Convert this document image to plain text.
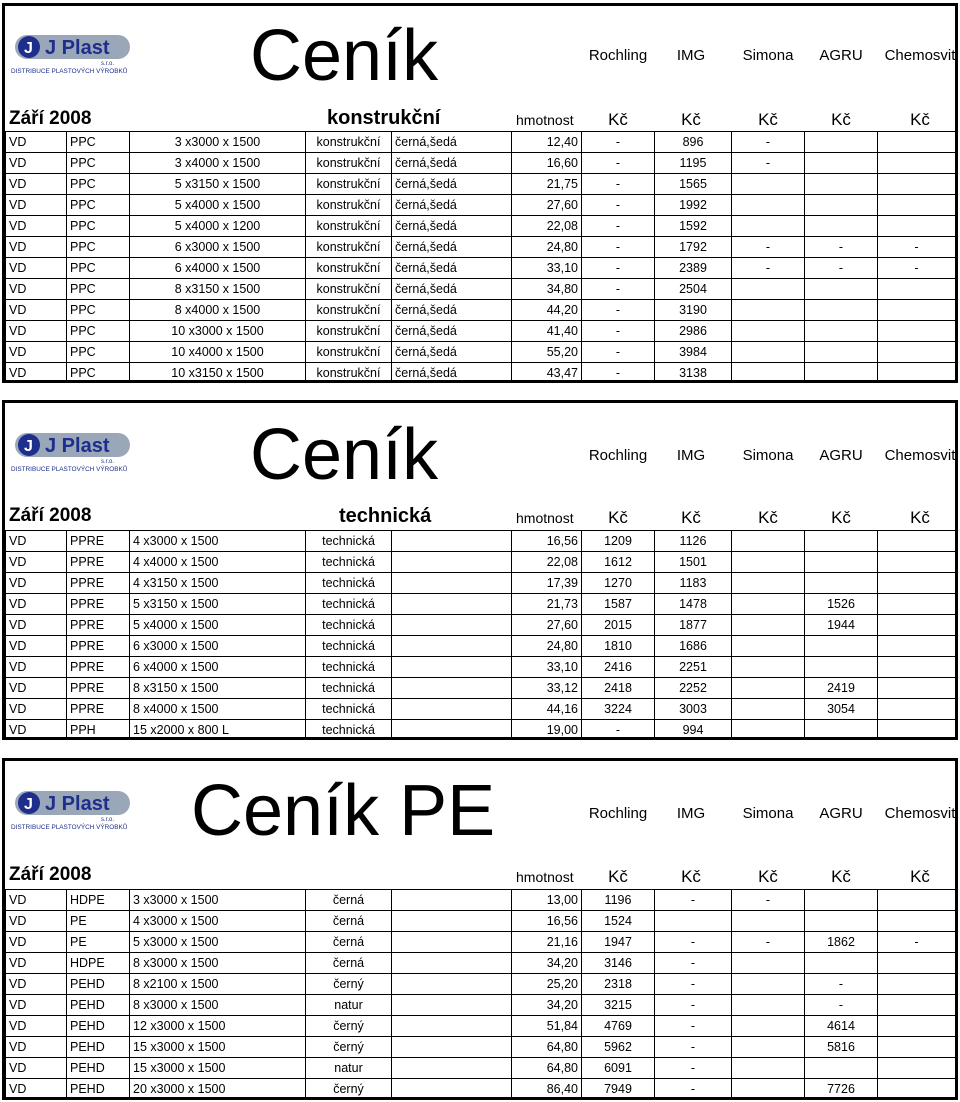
J J Plast
s.r.o.
DISTRIBUCE PLASTOVÝCH VÝROBKŮ Ceník	Rochling	IMG	Simona	AGRU	Chemosvit
Září 2008	konstrukční	hmotnost	Kč	Kč	Kč	Kč	Kč
VD	PPC	3 x3000 x 1500	konstrukční	černá,šedá	12,40	-	896	-		
VD	PPC	3 x4000 x 1500	konstrukční	černá,šedá	16,60	-	1195	-		
VD	PPC	5 x3150 x 1500	konstrukční	černá,šedá	21,75	-	1565			
VD	PPC	5 x4000 x 1500	konstrukční	černá,šedá	27,60	-	1992			
VD	PPC	5 x4000 x 1200	konstrukční	černá,šedá	22,08	-	1592			
VD	PPC	6 x3000 x 1500	konstrukční	černá,šedá	24,80	-	1792	-	-	-
VD	PPC	6 x4000 x 1500	konstrukční	černá,šedá	33,10	-	2389	-	-	-
VD	PPC	8 x3150 x 1500	konstrukční	černá,šedá	34,80	-	2504			
VD	PPC	8 x4000 x 1500	konstrukční	černá,šedá	44,20	-	3190			
VD	PPC	10 x3000 x 1500	konstrukční	černá,šedá	41,40	-	2986			
VD	PPC	10 x4000 x 1500	konstrukční	černá,šedá	55,20	-	3984			
VD	PPC	10 x3150 x 1500	konstrukční	černá,šedá	43,47	-	3138			
J J Plast
s.r.o.
DISTRIBUCE PLASTOVÝCH VÝROBKŮ Ceník	Rochling	IMG	Simona	AGRU	Chemosvit
Září 2008	technická	hmotnost	Kč	Kč	Kč	Kč	Kč
VD	PPRE	4 x3000 x 1500	technická		16,56	1209	1126			
VD	PPRE	4 x4000 x 1500	technická		22,08	1612	1501			
VD	PPRE	4 x3150 x 1500	technická		17,39	1270	1183			
VD	PPRE	5 x3150 x 1500	technická		21,73	1587	1478		1526	
VD	PPRE	5 x4000 x 1500	technická		27,60	2015	1877		1944	
VD	PPRE	6 x3000 x 1500	technická		24,80	1810	1686			
VD	PPRE	6 x4000 x 1500	technická		33,10	2416	2251			
VD	PPRE	8 x3150 x 1500	technická		33,12	2418	2252		2419	
VD	PPRE	8 x4000 x 1500	technická		44,16	3224	3003		3054	
VD	PPH	15 x2000 x 800 L	technická		19,00	-	994			
J J Plast
s.r.o.
DISTRIBUCE PLASTOVÝCH VÝROBKŮ Ceník PE	Rochling	IMG	Simona	AGRU	Chemosvit
Září 2008	hmotnost	Kč	Kč	Kč	Kč	Kč
VD	HDPE	3 x3000 x 1500	černá		13,00	1196	-	-		
VD	PE	4 x3000 x 1500	černá		16,56	1524				
VD	PE	5 x3000 x 1500	černá		21,16	1947	-	-	1862	-
VD	HDPE	8 x3000 x 1500	černá		34,20	3146	-			
VD	PEHD	8 x2100 x 1500	černý		25,20	2318	-		-	
VD	PEHD	8 x3000 x 1500	natur		34,20	3215	-		-	
VD	PEHD	12 x3000 x 1500	černý		51,84	4769	-		4614	
VD	PEHD	15 x3000 x 1500	černý		64,80	5962	-		5816	
VD	PEHD	15 x3000 x 1500	natur		64,80	6091	-			
VD	PEHD	20 x3000 x 1500	černý		86,40	7949	-		7726	
